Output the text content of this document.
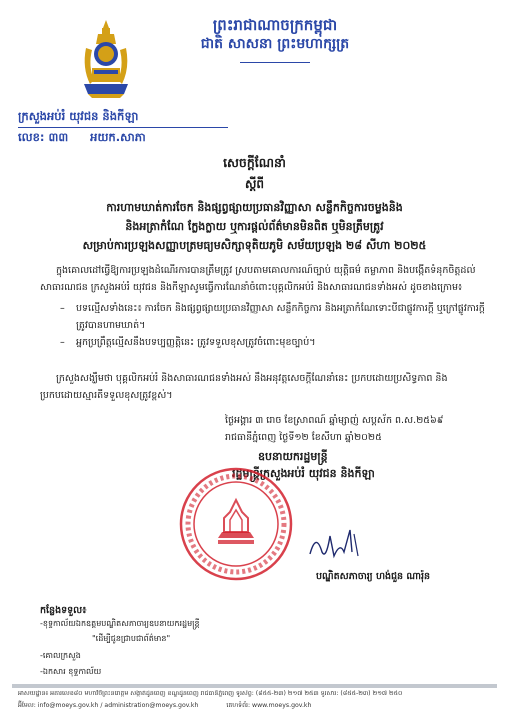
ព្រះរាជាណាចក្រកម្ពុជា
ជាតិ សាសនា ព្រះមហាក្សត្រ
ក្រសួងអប់រំ យុវជន និងកីឡា
លេខ: ៣៣ អយក.សាភា
សេចក្តីណែនាំ
ស្តីពី
ការហាមឃាត់ការចែក និងផ្សព្វផ្សាយប្រធានវិញ្ញាសា សន្លឹកកិច្ចការចម្លងនិង
និងអត្រាកំណែ ក្លែងក្លាយ ឬការផ្តល់ព័ត៌មានមិនពិត ឬមិនត្រឹមត្រូវ
សម្រាប់ការប្រឡងសញ្ញាបត្រមធ្យមសិក្សាទុតិយភូមិ សម័យប្រឡង ២៨ សីហា ២០២៥
ក្នុងគោលដៅធ្វើឱ្យការប្រឡងដំណើរការបានត្រឹមត្រូវ ស្របតាមគោលការណ៍ច្បាប់ យុត្តិធម៌ តម្លាភាព និងបង្កើតទំនុកចិត្តដល់សាធារណជន ក្រសួងអប់រំ យុវជន និងកីឡាសូមធ្វើការណែនាំចំពោះបុគ្គលិកអប់រំ និងសាធារណជនទាំងអស់ ដូចខាងក្រោម៖
– បទល្មើសទាំងនេះ៖ ការចែក និងផ្សព្វផ្សាយប្រធានវិញ្ញាសា សន្លឹកកិច្ចការ និងអត្រាកំណែទោះបីជាផ្លូវការក្តី ឬក្រៅផ្លូវការក្តី ត្រូវបានហាមឃាត់។
– អ្នកប្រព្រឹត្តល្មើសនឹងបទប្បញ្ញត្តិនេះ ត្រូវទទួលខុសត្រូវចំពោះមុខច្បាប់។
ក្រសួងសង្ឃឹមថា បុគ្គលិកអប់រំ និងសាធារណជនទាំងអស់ នឹងអនុវត្តសេចក្តីណែនាំនេះ ប្រកបដោយប្រសិទ្ធភាព និងប្រកបដោយស្មារតីទទួលខុសត្រូវខ្ពស់។
ថ្ងៃអង្គារ ៣ រោច ខែស្រាពណ៍ ឆ្នាំម្សាញ់ សប្តស័ក ព.ស.២៥៦៩
រាជធានីភ្នំពេញ ថ្ងៃទី១២ ខែសីហា ឆ្នាំ២០២៥
ឧបនាយករដ្ឋមន្ត្រី
រដ្ឋមន្ត្រីក្រសួងអប់រំ យុវជន និងកីឡា
បណ្ឌិតសភាចារ្យ ហង់ជួន ណារ៉ុន
កន្លែងទទួល៖
-ខុទ្ទកាល័យឯកឧត្តមបណ្ឌិតសភាចារ្យឧបនាយករដ្ឋមន្ត្រី
"ដើម្បីជូនជ្រាបជាព័ត៌មាន"
-គោលក្រសួង
-ឯកសារ ខុទ្ទកាល័យ
អាសយដ្ឋាន៖ អគារលេខ៨០ មហាវិថីព្រះនរោត្តម សង្កាត់ដូនពេញ ខណ្ឌដូនពេញ រាជធានីភ្នំពេញ ទូរស័ព្ទ: (៨៥៥-២៣) ២១៧ ២៥៣ ទូរសារ: (៨៥៥-២៣) ២១៧ ២៥០
អ៊ីមែល: info@moeys.gov.kh / administration@moeys.gov.kh	គេហទំព័រ: www.moeys.gov.kh
